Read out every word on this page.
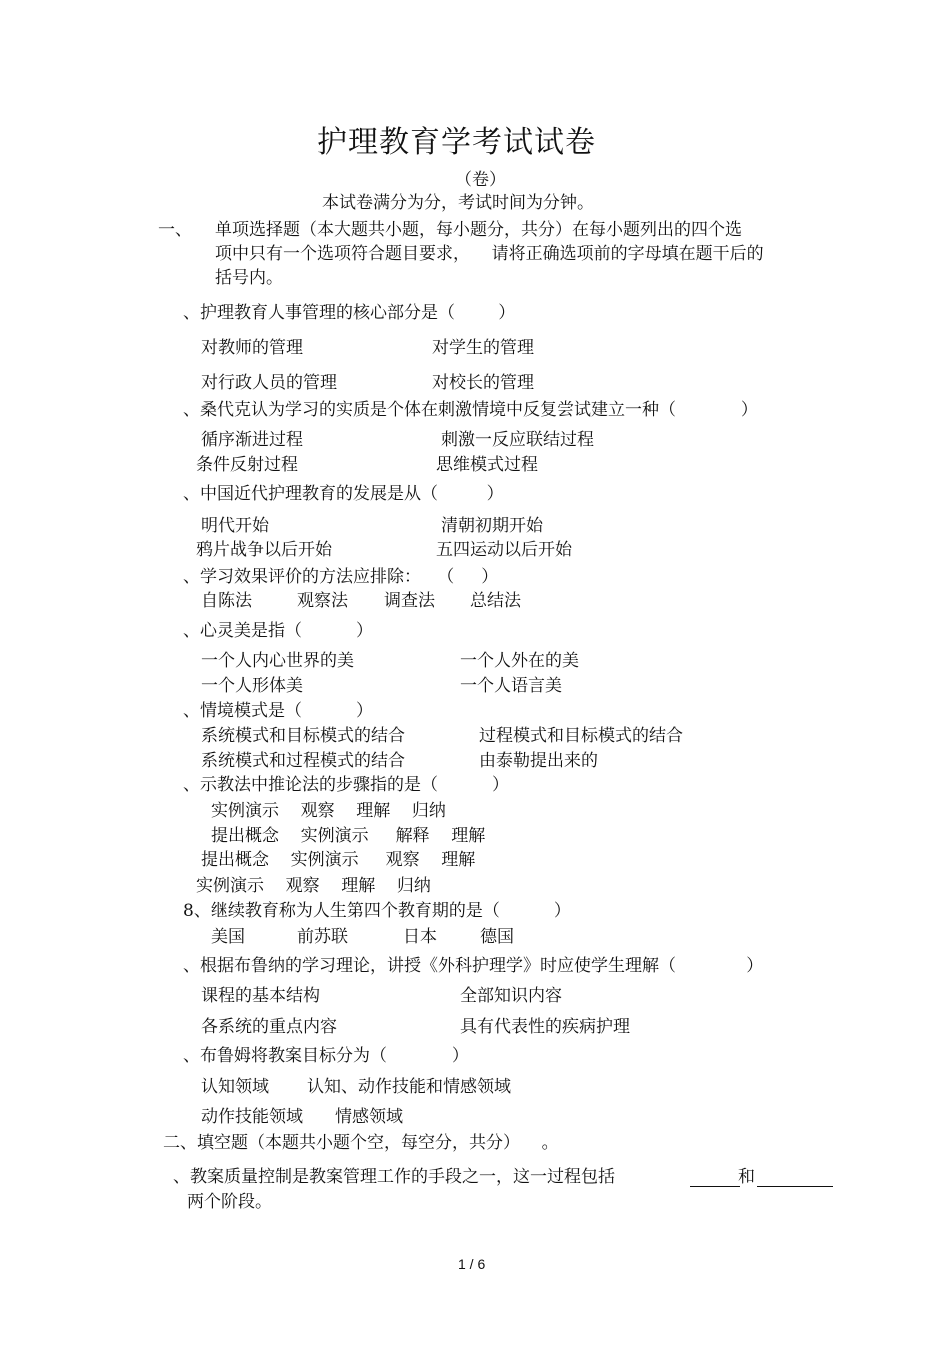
护理教育学考试试卷
（卷）
本试卷满分为分，考试时间为分钟。
一、 单项选择题（本大题共小题，每小题分，共分）在每小题列出的四个选
项中只有一个选项符合题目要求，    请将正确选项前的字母填在题干后的
括号内。
、护理教育人事管理的核心部分是（        ）
对教师的管理	对学生的管理
对行政人员的管理	对校长的管理
、桑代克认为学习的实质是个体在刺激情境中反复尝试建立一种（            ）
循序渐进过程	刺激一反应联结过程
条件反射过程	思维模式过程
、中国近代护理教育的发展是从（         ）
明代开始	清朝初期开始
鸦片战争以后开始	五四运动以后开始
、学习效果评价的方法应排除：   （     ）
自陈法	观察法 调查法 总结法
、心灵美是指（          ）
一个人内心世界的美	一个人外在的美
一个人形体美	一个人语言美
、情境模式是（          ）
系统模式和目标模式的结合	过程模式和目标模式的结合
系统模式和过程模式的结合	由泰勒提出来的
、示教法中推论法的步骤指的是（          ）
实例演示    观察    理解    归纳
提出概念    实例演示     解释    理解
提出概念    实例演示     观察    理解
实例演示    观察    理解    归纳
8、继续教育称为人生第四个教育期的是（          ）
美国	前苏联	日本	德国
、根据布鲁纳的学习理论，讲授《外科护理学》时应使学生理解（             ）
课程的基本结构	全部知识内容
各系统的重点内容	具有代表性的疾病护理
、布鲁姆将教案目标分为（            ）
认知领域 认知、动作技能和情感领域
动作技能领域 情感领域
二、填空题（本题共小题个空，每空分，共分）    。
、教案质量控制是教案管理工作的手段之一，这一过程包括	和
两个阶段。
1 / 6
